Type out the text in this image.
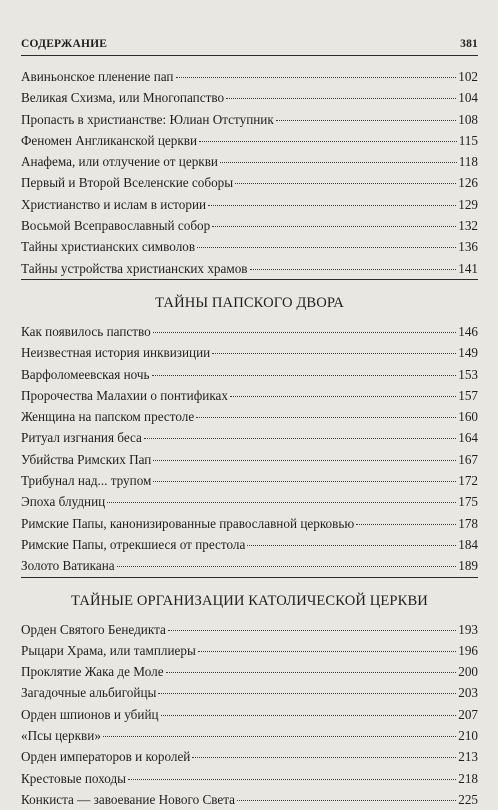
СОДЕРЖАНИЕ	381
Авиньонское пленение пап	102
Великая Схизма, или Многопапство	104
Пропасть в христианстве: Юлиан Отступник	108
Феномен Англиканской церкви	115
Анафема, или отлучение от церкви	118
Первый и Второй Вселенские соборы	126
Христианство и ислам в истории	129
Восьмой Всеправославный собор	132
Тайны христианских символов	136
Тайны устройства христианских храмов	141
ТАЙНЫ ПАПСКОГО ДВОРА
Как появилось папство	146
Неизвестная история инквизиции	149
Варфоломеевская ночь	153
Пророчества Малахии о понтификах	157
Женщина на папском престоле	160
Ритуал изгнания беса	164
Убийства Римских Пап	167
Трибунал над... трупом	172
Эпоха блудниц	175
Римские Папы, канонизированные православной церковью	178
Римские Папы, отрекшиеся от престола	184
Золото Ватикана	189
ТАЙНЫЕ ОРГАНИЗАЦИИ КАТОЛИЧЕСКОЙ ЦЕРКВИ
Орден Святого Бенедикта	193
Рыцари Храма, или тамплиеры	196
Проклятие Жака де Моле	200
Загадочные альбигойцы	203
Орден шпионов и убийц	207
«Псы церкви»	210
Орден императоров и королей	213
Крестовые походы	218
Конкиста — завоевание Нового Света	225
